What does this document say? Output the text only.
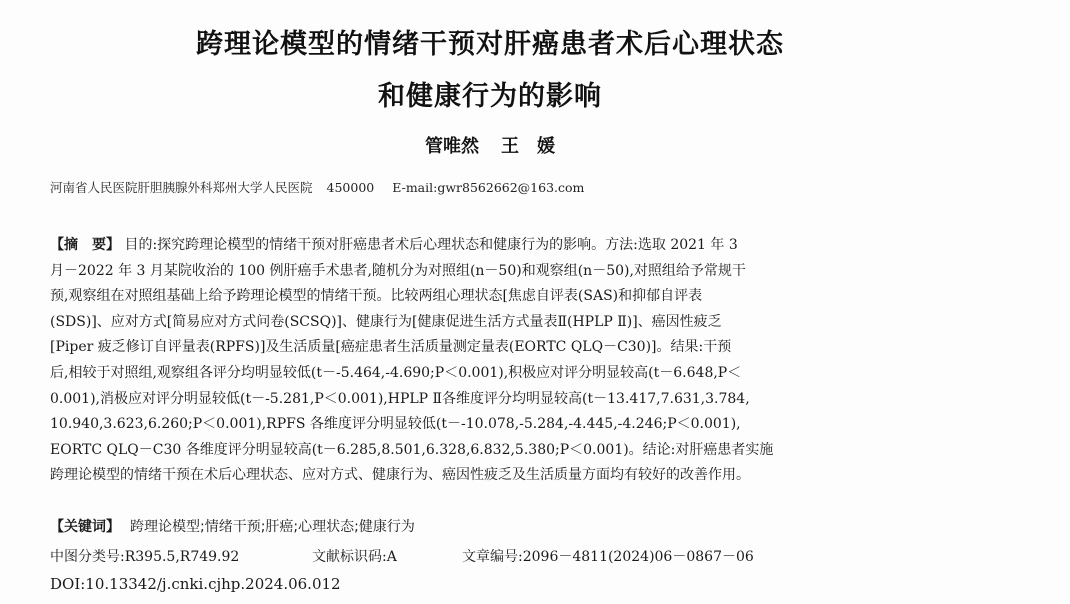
跨理论模型的情绪干预对肝癌患者术后心理状态
和健康行为的影响
管唯然 王　媛
河南省人民医院肝胆胰腺外科郑州大学人民医院 450000 E-mail:gwr8562662@163.com
【摘　要】 目的:探究跨理论模型的情绪干预对肝癌患者术后心理状态和健康行为的影响。方法:选取 2021 年 3
月－2022 年 3 月某院收治的 100 例肝癌手术患者,随机分为对照组(n－50)和观察组(n－50),对照组给予常规干
预,观察组在对照组基础上给予跨理论模型的情绪干预。比较两组心理状态[焦虑自评表(SAS)和抑郁自评表
(SDS)]、应对方式[简易应对方式问卷(SCSQ)]、健康行为[健康促进生活方式量表Ⅱ(HPLP Ⅱ)]、癌因性疲乏
[Piper 疲乏修订自评量表(RPFS)]及生活质量[癌症患者生活质量测定量表(EORTC QLQ－C30)]。结果:干预
后,相较于对照组,观察组各评分均明显较低(t－-5.464,-4.690;P＜0.001),积极应对评分明显较高(t－6.648,P＜
0.001),消极应对评分明显较低(t－-5.281,P＜0.001),HPLP Ⅱ各维度评分均明显较高(t－13.417,7.631,3.784,
10.940,3.623,6.260;P＜0.001),RPFS 各维度评分明显较低(t－-10.078,-5.284,-4.445,-4.246;P＜0.001),
EORTC QLQ－C30 各维度评分明显较高(t－6.285,8.501,6.328,6.832,5.380;P＜0.001)。结论:对肝癌患者实施
跨理论模型的情绪干预在术后心理状态、应对方式、健康行为、癌因性疲乏及生活质量方面均有较好的改善作用。
【关键词】 跨理论模型;情绪干预;肝癌;心理状态;健康行为
中图分类号:R395.5,R749.92	文献标识码:A	文章编号:2096－4811(2024)06－0867－06
DOI:10.13342/j.cnki.cjhp.2024.06.012
